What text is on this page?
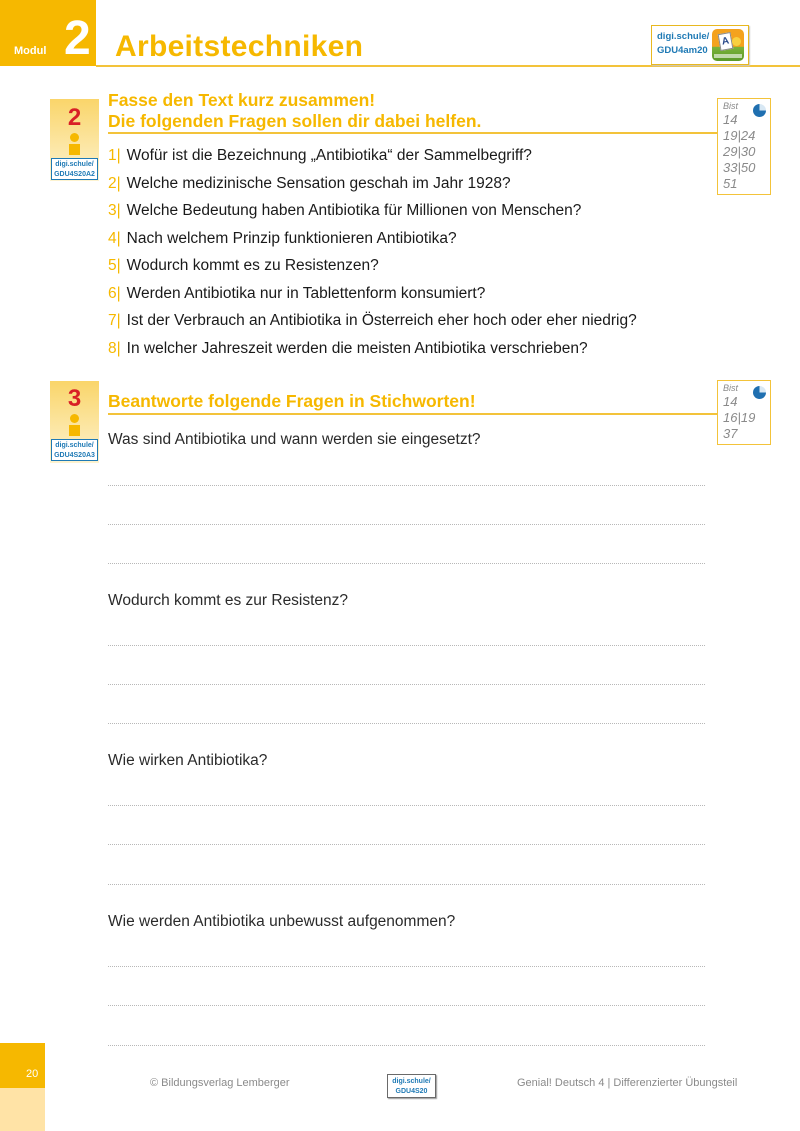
Modul 2 Arbeitstechniken	digi.schule/
GDU4am20
A
2
digi.schule/
GDU4S20A2
Fasse den Text kurz zusammen!
Die folgenden Fragen sollen dir dabei helfen.
Bist
14
19|24
29|30
33|50
51
1| Wofür ist die Bezeichnung „Antibiotika“ der Sammelbegriff?
2| Welche medizinische Sensation geschah im Jahr 1928?
3| Welche Bedeutung haben Antibiotika für Millionen von Menschen?
4| Nach welchem Prinzip funktionieren Antibiotika?
5| Wodurch kommt es zu Resistenzen?
6| Werden Antibiotika nur in Tablettenform konsumiert?
7| Ist der Verbrauch an Antibiotika in Österreich eher hoch oder eher niedrig?
8| In welcher Jahreszeit werden die meisten Antibiotika verschrieben?
3
digi.schule/
GDU4S20A3
Beantworte folgende Fragen in Stichworten!
Bist
14
16|19
37
Was sind Antibiotika und wann werden sie eingesetzt?
Wodurch kommt es zur Resistenz?
Wie wirken Antibiotika?
Wie werden Antibiotika unbewusst aufgenommen?
20
© Bildungsverlag Lemberger	digi.schule/
GDU4S20
Genial! Deutsch 4 | Differenzierter Übungsteil
